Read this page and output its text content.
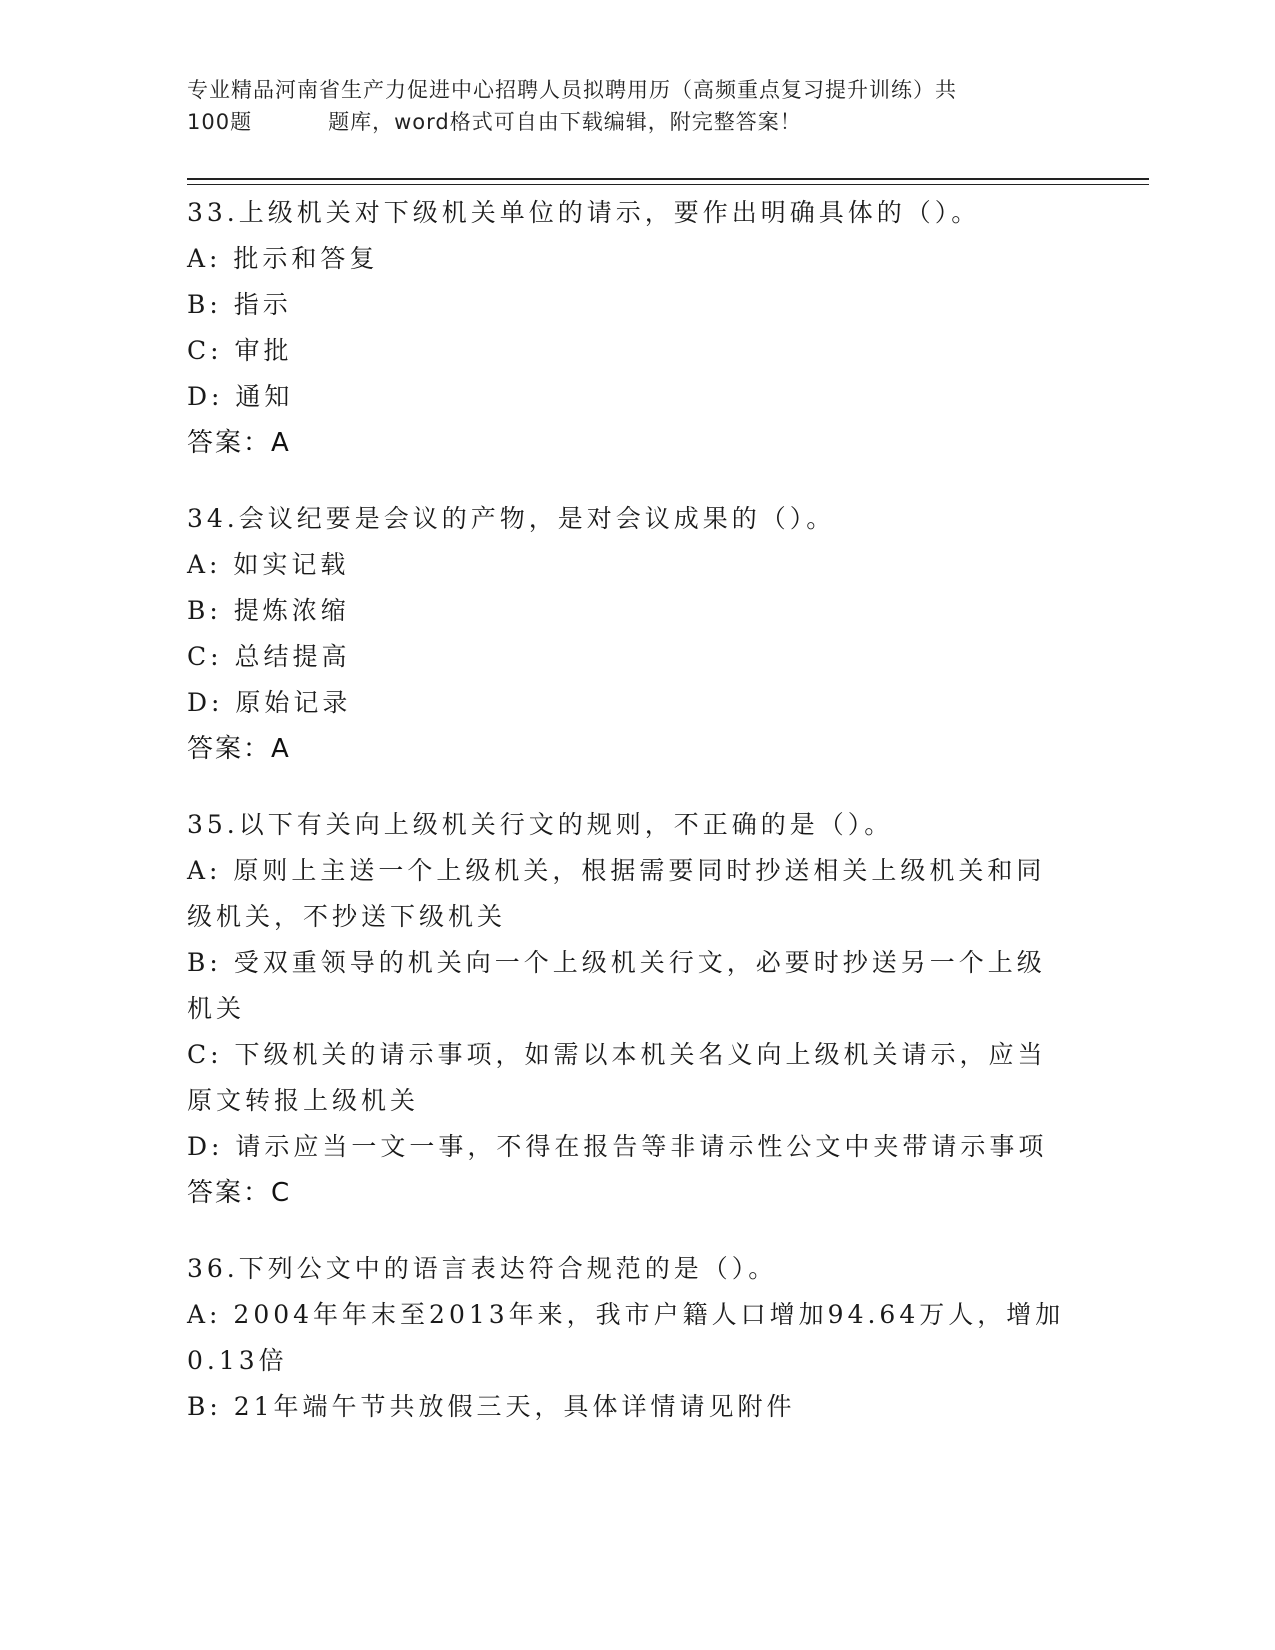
专业精品河南省生产力促进中心招聘人员拟聘用历（高频重点复习提升训练）共
100题	题库，word格式可自由下载编辑，附完整答案！
33.上级机关对下级机关单位的请示，要作出明确具体的（）。
A: 批示和答复
B: 指示
C: 审批
D: 通知
答案：A
34.会议纪要是会议的产物，是对会议成果的（）。
A: 如实记载
B: 提炼浓缩
C: 总结提高
D: 原始记录
答案：A
35.以下有关向上级机关行文的规则，不正确的是（）。
A: 原则上主送一个上级机关，根据需要同时抄送相关上级机关和同级机关，不抄送下级机关
B: 受双重领导的机关向一个上级机关行文，必要时抄送另一个上级机关
C: 下级机关的请示事项，如需以本机关名义向上级机关请示，应当原文转报上级机关
D: 请示应当一文一事，不得在报告等非请示性公文中夹带请示事项
答案：C
36.下列公文中的语言表达符合规范的是（）。
A: 2004年年末至2013年来，我市户籍人口增加94.64万人，增加0.13倍
B: 21年端午节共放假三天，具体详情请见附件
